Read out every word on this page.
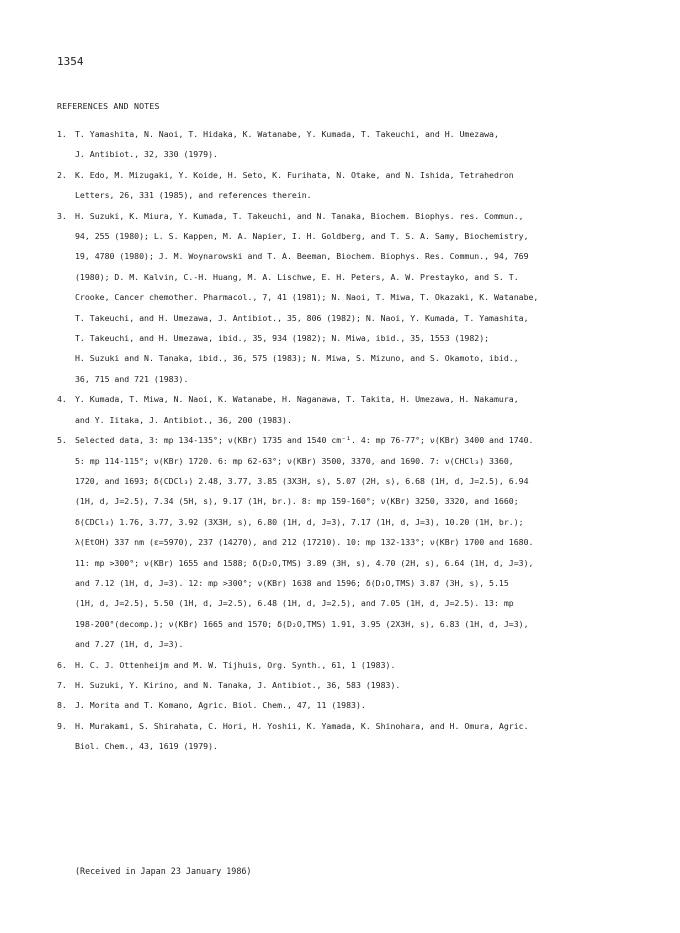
1354
REFERENCES AND NOTES
1. T. Yamashita, N. Naoi, T. Hidaka, K. Watanabe, Y. Kumada, T. Takeuchi, and H. Umezawa,
J. Antibiot., 32, 330 (1979).
2. K. Edo, M. Mizugaki, Y. Koide, H. Seto, K. Furihata, N. Otake, and N. Ishida, Tetrahedron
Letters, 26, 331 (1985), and references therein.
3. H. Suzuki, K. Miura, Y. Kumada, T. Takeuchi, and N. Tanaka, Biochem. Biophys. res. Commun.,
94, 255 (1980); L. S. Kappen, M. A. Napier, I. H. Goldberg, and T. S. A. Samy, Biochemistry,
19, 4780 (1980); J. M. Woynarowski and T. A. Beeman, Biochem. Biophys. Res. Commun., 94, 769
(1980); D. M. Kalvin, C.-H. Huang, M. A. Lischwe, E. H. Peters, A. W. Prestayko, and S. T.
Crooke, Cancer chemother. Pharmacol., 7, 41 (1981); N. Naoi, T. Miwa, T. Okazaki, K. Watanabe,
T. Takeuchi, and H. Umezawa, J. Antibiot., 35, 806 (1982); N. Naoi, Y. Kumada, T. Yamashita,
T. Takeuchi, and H. Umezawa, ibid., 35, 934 (1982); N. Miwa, ibid., 35, 1553 (1982);
H. Suzuki and N. Tanaka, ibid., 36, 575 (1983); N. Miwa, S. Mizuno, and S. Okamoto, ibid.,
36, 715 and 721 (1983).
4. Y. Kumada, T. Miwa, N. Naoi, K. Watanabe, H. Naganawa, T. Takita, H. Umezawa, H. Nakamura,
and Y. Iitaka, J. Antibiot., 36, 200 (1983).
5. Selected data, 3: mp 134-135°; ν(KBr) 1735 and 1540 cm⁻¹. 4: mp 76-77°; ν(KBr) 3400 and 1740.
5: mp 114-115°; ν(KBr) 1720. 6: mp 62-63°; ν(KBr) 3500, 3370, and 1690. 7: ν(CHCl₃) 3360,
1720, and 1693; δ(CDCl₃) 2.48, 3.77, 3.85 (3X3H, s), 5.07 (2H, s), 6.68 (1H, d, J=2.5), 6.94
(1H, d, J=2.5), 7.34 (5H, s), 9.17 (1H, br.). 8: mp 159-160°; ν(KBr) 3250, 3320, and 1660;
δ(CDCl₃) 1.76, 3.77, 3.92 (3X3H, s), 6.80 (1H, d, J=3), 7.17 (1H, d, J=3), 10.20 (1H, br.);
λ(EtOH) 337 nm (ε=5970), 237 (14270), and 212 (17210). 10: mp 132-133°; ν(KBr) 1700 and 1680.
11: mp >300°; ν(KBr) 1655 and 1588; δ(D₂O,TMS) 3.89 (3H, s), 4.70 (2H, s), 6.64 (1H, d, J=3),
and 7.12 (1H, d, J=3). 12: mp >300°; ν(KBr) 1638 and 1596; δ(D₂O,TMS) 3.87 (3H, s), 5.15
(1H, d, J=2.5), 5.50 (1H, d, J=2.5), 6.48 (1H, d, J=2.5), and 7.05 (1H, d, J=2.5). 13: mp
198-200°(decomp.); ν(KBr) 1665 and 1570; δ(D₂O,TMS) 1.91, 3.95 (2X3H, s), 6.83 (1H, d, J=3),
and 7.27 (1H, d, J=3).
6. H. C. J. Ottenheijm and M. W. Tijhuis, Org. Synth., 61, 1 (1983).
7. H. Suzuki, Y. Kirino, and N. Tanaka, J. Antibiot., 36, 583 (1983).
8. J. Morita and T. Komano, Agric. Biol. Chem., 47, 11 (1983).
9. H. Murakami, S. Shirahata, C. Hori, H. Yoshii, K. Yamada, K. Shinohara, and H. Omura, Agric.
Biol. Chem., 43, 1619 (1979).
(Received in Japan 23 January 1986)
